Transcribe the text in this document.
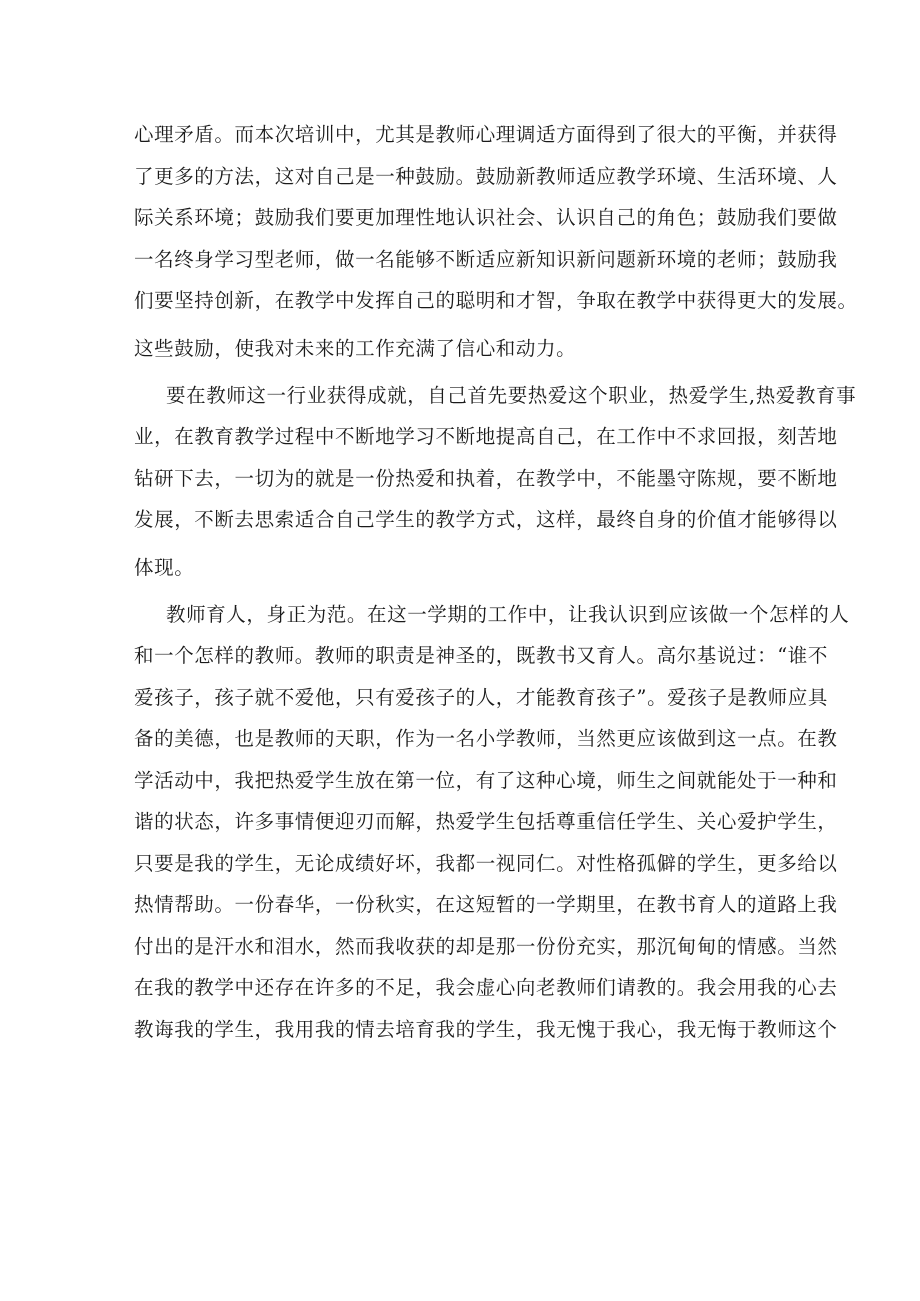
心理矛盾。而本次培训中，尤其是教师心理调适方面得到了很大的平衡，并获得
了更多的方法，这对自己是一种鼓励。鼓励新教师适应教学环境、生活环境、人
际关系环境；鼓励我们要更加理性地认识社会、认识自己的角色；鼓励我们要做
一名终身学习型老师，做一名能够不断适应新知识新问题新环境的老师；鼓励我
们要坚持创新，在教学中发挥自己的聪明和才智，争取在教学中获得更大的发展。
这些鼓励，使我对未来的工作充满了信心和动力。
要在教师这一行业获得成就，自己首先要热爱这个职业，热爱学生,热爱教育事
业，在教育教学过程中不断地学习不断地提高自己，在工作中不求回报，刻苦地
钻研下去，一切为的就是一份热爱和执着，在教学中，不能墨守陈规，要不断地
发展，不断去思索适合自己学生的教学方式，这样，最终自身的价值才能够得以
体现。
教师育人，身正为范。在这一学期的工作中，让我认识到应该做一个怎样的人
和一个怎样的教师。教师的职责是神圣的，既教书又育人。高尔基说过：“谁不
爱孩子，孩子就不爱他，只有爱孩子的人，才能教育孩子”。爱孩子是教师应具
备的美德，也是教师的天职，作为一名小学教师，当然更应该做到这一点。在教
学活动中，我把热爱学生放在第一位，有了这种心境，师生之间就能处于一种和
谐的状态，许多事情便迎刃而解，热爱学生包括尊重信任学生、关心爱护学生，
只要是我的学生，无论成绩好坏，我都一视同仁。对性格孤僻的学生，更多给以
热情帮助。一份春华，一份秋实，在这短暂的一学期里，在教书育人的道路上我
付出的是汗水和泪水，然而我收获的却是那一份份充实，那沉甸甸的情感。当然
在我的教学中还存在许多的不足，我会虚心向老教师们请教的。我会用我的心去
教诲我的学生，我用我的情去培育我的学生，我无愧于我心，我无悔于教师这个
